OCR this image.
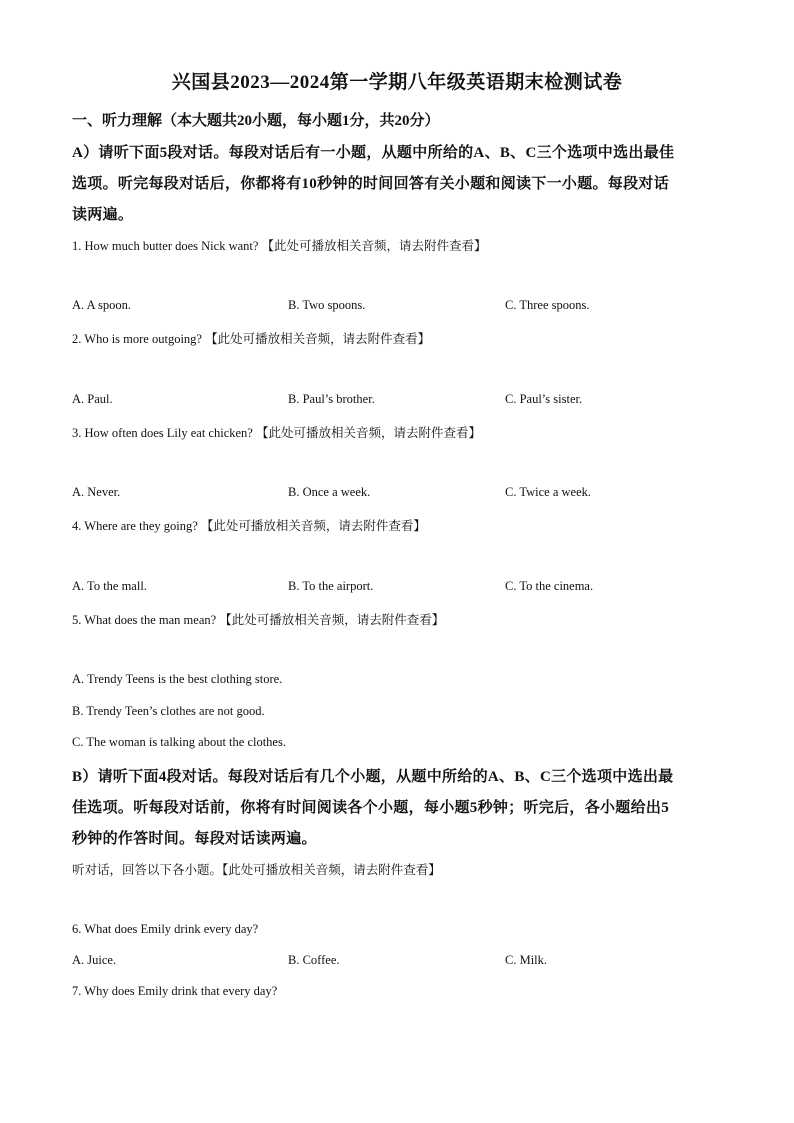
兴国县2023—2024第一学期八年级英语期末检测试卷
一、听力理解（本大题共20小题，每小题1分，共20分）
A）请听下面5段对话。每段对话后有一小题，从题中所给的A、B、C三个选项中选出最佳
选项。听完每段对话后，你都将有10秒钟的时间回答有关小题和阅读下一小题。每段对话
读两遍。
1. How much butter does Nick want? 【此处可播放相关音频，请去附件查看】
A. A spoon.	B. Two spoons.	C. Three spoons.
2. Who is more outgoing? 【此处可播放相关音频，请去附件查看】
A. Paul.	B. Paul’s brother.	C. Paul’s sister.
3. How often does Lily eat chicken? 【此处可播放相关音频，请去附件查看】
A. Never.	B. Once a week.	C. Twice a week.
4. Where are they going? 【此处可播放相关音频，请去附件查看】
A. To the mall.	B. To the airport.	C. To the cinema.
5. What does the man mean? 【此处可播放相关音频，请去附件查看】
A. Trendy Teens is the best clothing store.
B. Trendy Teen’s clothes are not good.
C. The woman is talking about the clothes.
B）请听下面4段对话。每段对话后有几个小题，从题中所给的A、B、C三个选项中选出最
佳选项。听每段对话前，你将有时间阅读各个小题，每小题5秒钟；听完后，各小题给出5
秒钟的作答时间。每段对话读两遍。
听对话，回答以下各小题。【此处可播放相关音频，请去附件查看】
6. What does Emily drink every day?
A. Juice.	B. Coffee.	C. Milk.
7. Why does Emily drink that every day?
